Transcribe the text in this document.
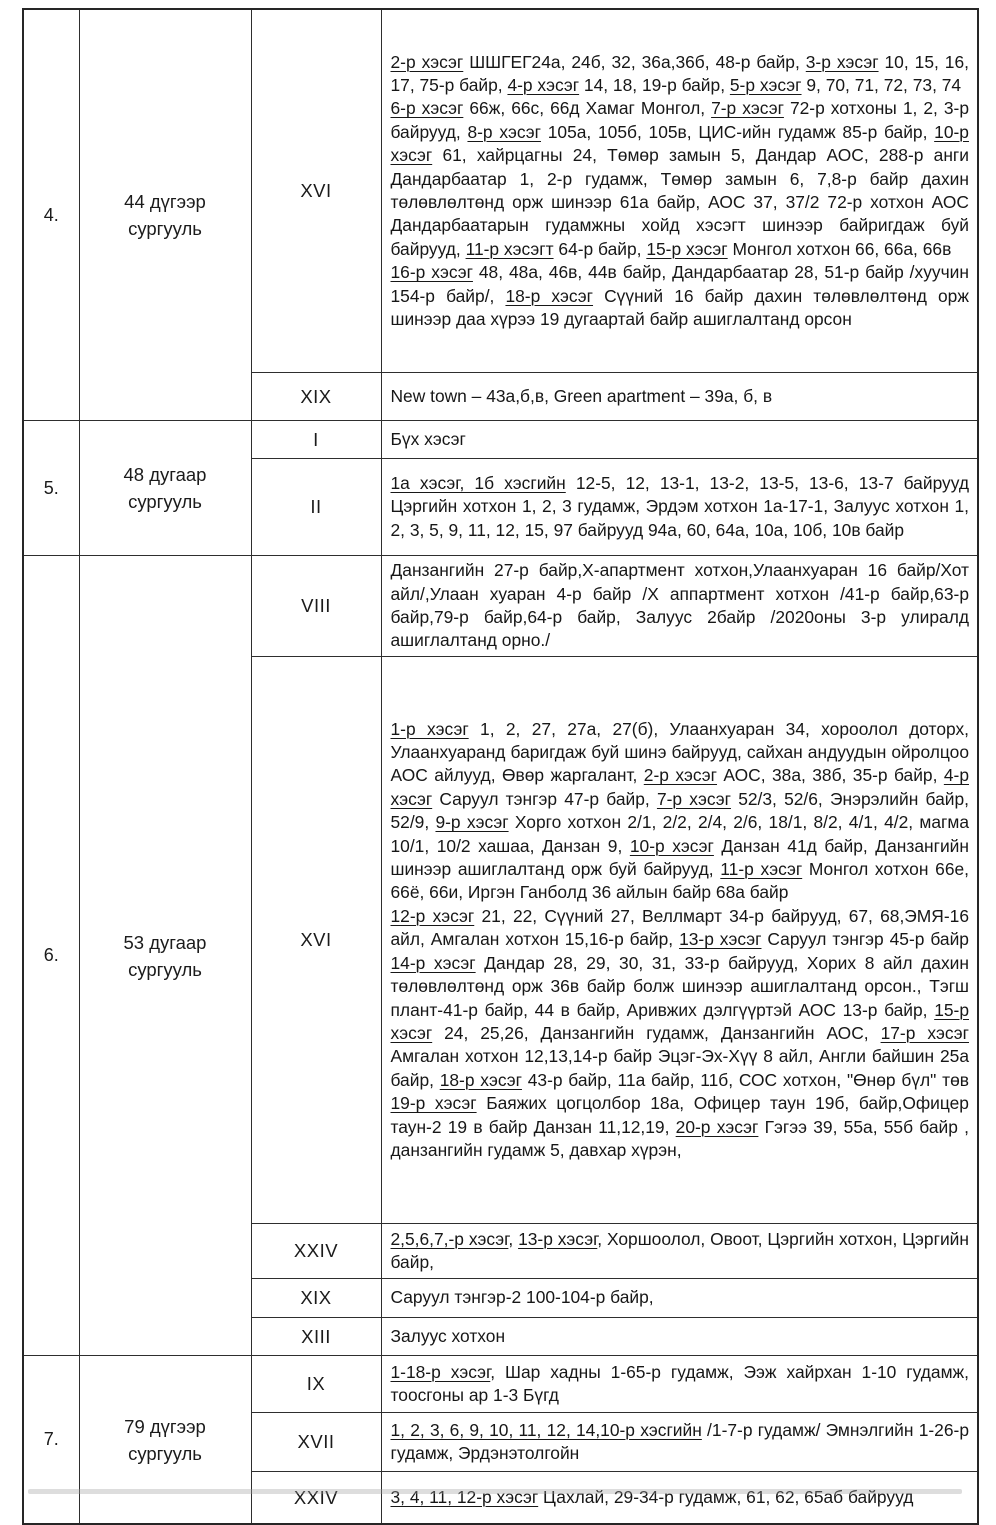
4.	44 дүгээр сургууль	XVI	2-р хэсэг ШШГЕГ24а, 24б, 32, 36а,36б, 48-р байр, 3-р хэсэг 10, 15, 16, 17, 75-р байр, 4-р хэсэг 14, 18, 19-р байр, 5-р хэсэг 9, 70, 71, 72, 73, 74
6-р хэсэг 66ж, 66с, 66д Хамаг Монгол, 7-р хэсэг 72-р хотхоны 1, 2, 3-р байрууд, 8-р хэсэг 105а, 105б, 105в, ЦИС-ийн гудамж 85-р байр, 10-р хэсэг 61, хайрцагны 24, Төмөр замын 5, Дандар АОС, 288-р анги Дандарбаатар 1, 2-р гудамж, Төмөр замын 6, 7,8-р байр дахин төлөвлөлтөнд орж шинээр 61а байр, АОС 37, 37/2 72-р хотхон АОС Дандарбаатарын гудамжны хойд хэсэгт шинээр байригдаж буй байрууд, 11-р хэсэгт 64-р байр, 15-р хэсэг Монгол хотхон 66, 66а, 66в
16-р хэсэг 48, 48а, 46в, 44в байр, Дандарбаатар 28, 51-р байр /хуучин 154-р байр/, 18-р хэсэг Сүүний 16 байр дахин төлөвлөлтөнд орж шинээр даа хүрээ 19 дугаартай байр ашиглалтанд орсон

		XIX	New town – 43а,б,в, Green apartment – 39а, б, в

5.	48 дугаар сургууль	I	Бүх хэсэг

		II	1а хэсэг, 1б хэсгийн 12-5, 12, 13-1, 13-2, 13-5, 13-6, 13-7 байрууд Цэргийн хотхон 1, 2, 3 гудамж, Эрдэм хотхон 1а-17-1, Залуус хотхон 1, 2, 3, 5, 9, 11, 12, 15, 97 байрууд 94а, 60, 64а, 10а, 10б, 10в байр

6.	53 дугаар сургууль	VIII	Данзангийн 27-р байр,Х-апартмент хотхон,Улаанхуаран 16 байр/Хот айл/,Улаан хуаран 4-р байр /Х аппартмент хотхон /41-р байр,63-р байр,79-р байр,64-р байр, Залуус 2байр /2020оны 3-р улиралд ашиглалтанд орно./

		XVI	1-р хэсэг 1, 2, 27, 27а, 27(б), Улаанхуаран 34, хороолол доторх, Улаанхуаранд баригдаж буй шинэ байрууд, сайхан андуудын ойролцоо АОС айлууд, Өвөр жаргалант, 2-р хэсэг АОС, 38а, 38б, 35-р байр, 4-р хэсэг Саруул тэнгэр 47-р байр, 7-р хэсэг 52/3, 52/6, Энэрэлийн байр, 52/9, 9-р хэсэг Хорго хотхон 2/1, 2/2, 2/4, 2/6, 18/1, 8/2, 4/1, 4/2, магма 10/1, 10/2 хашаа, Данзан 9, 10-р хэсэг Данзан 41д байр, Данзангийн шинээр ашиглалтанд орж буй байрууд, 11-р хэсэг Монгол хотхон 66е, 66ё, 66и, Иргэн Ганболд 36 айлын байр 68а байр
12-р хэсэг 21, 22, Сүүний 27, Веллмарт 34-р байрууд, 67, 68,ЭМЯ-16 айл, Амгалан хотхон 15,16-р байр, 13-р хэсэг Саруул тэнгэр 45-р байр
14-р хэсэг Дандар 28, 29, 30, 31, 33-р байрууд, Хорих 8 айл дахин төлөвлөлтөнд орж 36в байр болж шинээр ашиглалтанд орсон., Тэгш плант-41-р байр, 44 в байр, Аривжих дэлгүүртэй АОС 13-р байр, 15-р хэсэг 24, 25,26, Данзангийн гудамж, Данзангийн АОС, 17-р хэсэг Амгалан хотхон 12,13,14-р байр Эцэг-Эх-Хүү 8 айл, Англи байшин 25а байр, 18-р хэсэг 43-р байр, 11а байр, 11б, СОС хотхон, "Өнөр бүл" төв 19-р хэсэг Баяжих цогцолбор 18а, Офицер таун 19б, байр,Офицер таун-2 19 в байр Данзан 11,12,19, 20-р хэсэг Гэгээ 39, 55а, 55б байр , данзангийн гудамж 5, давхар хүрэн,

		XXIV	2,5,6,7,-р хэсэг, 13-р хэсэг, Хоршоолол, Овоот, Цэргийн хотхон, Цэргийн байр,

		XIX	Саруул тэнгэр-2 100-104-р байр,

		XIII	Залуус хотхон

7.	79 дүгээр сургууль	IX	1-18-р хэсэг, Шар хадны 1-65-р гудамж, Ээж хайрхан 1-10 гудамж, тоосгоны ар 1-3 Бүгд

		XVII	1, 2, 3, 6, 9, 10, 11, 12, 14,10-р хэсгийн /1-7-р гудамж/ Эмнэлгийн 1-26-р гудамж, Эрдэнэтолгойн

		XXIV	3, 4, 11, 12-р хэсэг Цахлай, 29-34-р гудамж, 61, 62, 65аб байрууд
